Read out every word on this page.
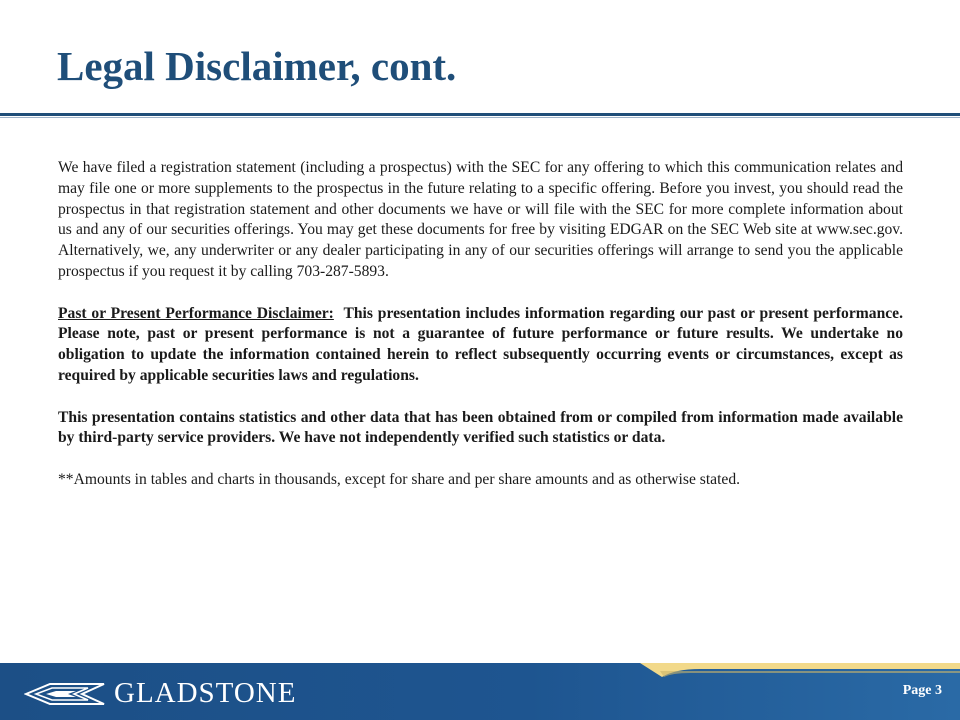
Legal Disclaimer, cont.

We have filed a registration statement (including a prospectus) with the SEC for any offering to which this communication relates and may file one or more supplements to the prospectus in the future relating to a specific offering. Before you invest, you should read the prospectus in that registration statement and other documents we have or will file with the SEC for more complete information about us and any of our securities offerings. You may get these documents for free by visiting EDGAR on the SEC Web site at www.sec.gov. Alternatively, we, any underwriter or any dealer participating in any of our securities offerings will arrange to send you the applicable prospectus if you request it by calling 703-287-5893.

Past or Present Performance Disclaimer: This presentation includes information regarding our past or present performance. Please note, past or present performance is not a guarantee of future performance or future results. We undertake no obligation to update the information contained herein to reflect subsequently occurring events or circumstances, except as required by applicable securities laws and regulations.

This presentation contains statistics and other data that has been obtained from or compiled from information made available by third-party service providers. We have not independently verified such statistics or data.

**Amounts in tables and charts in thousands, except for share and per share amounts and as otherwise stated.

GLADSTONE	Page 3
